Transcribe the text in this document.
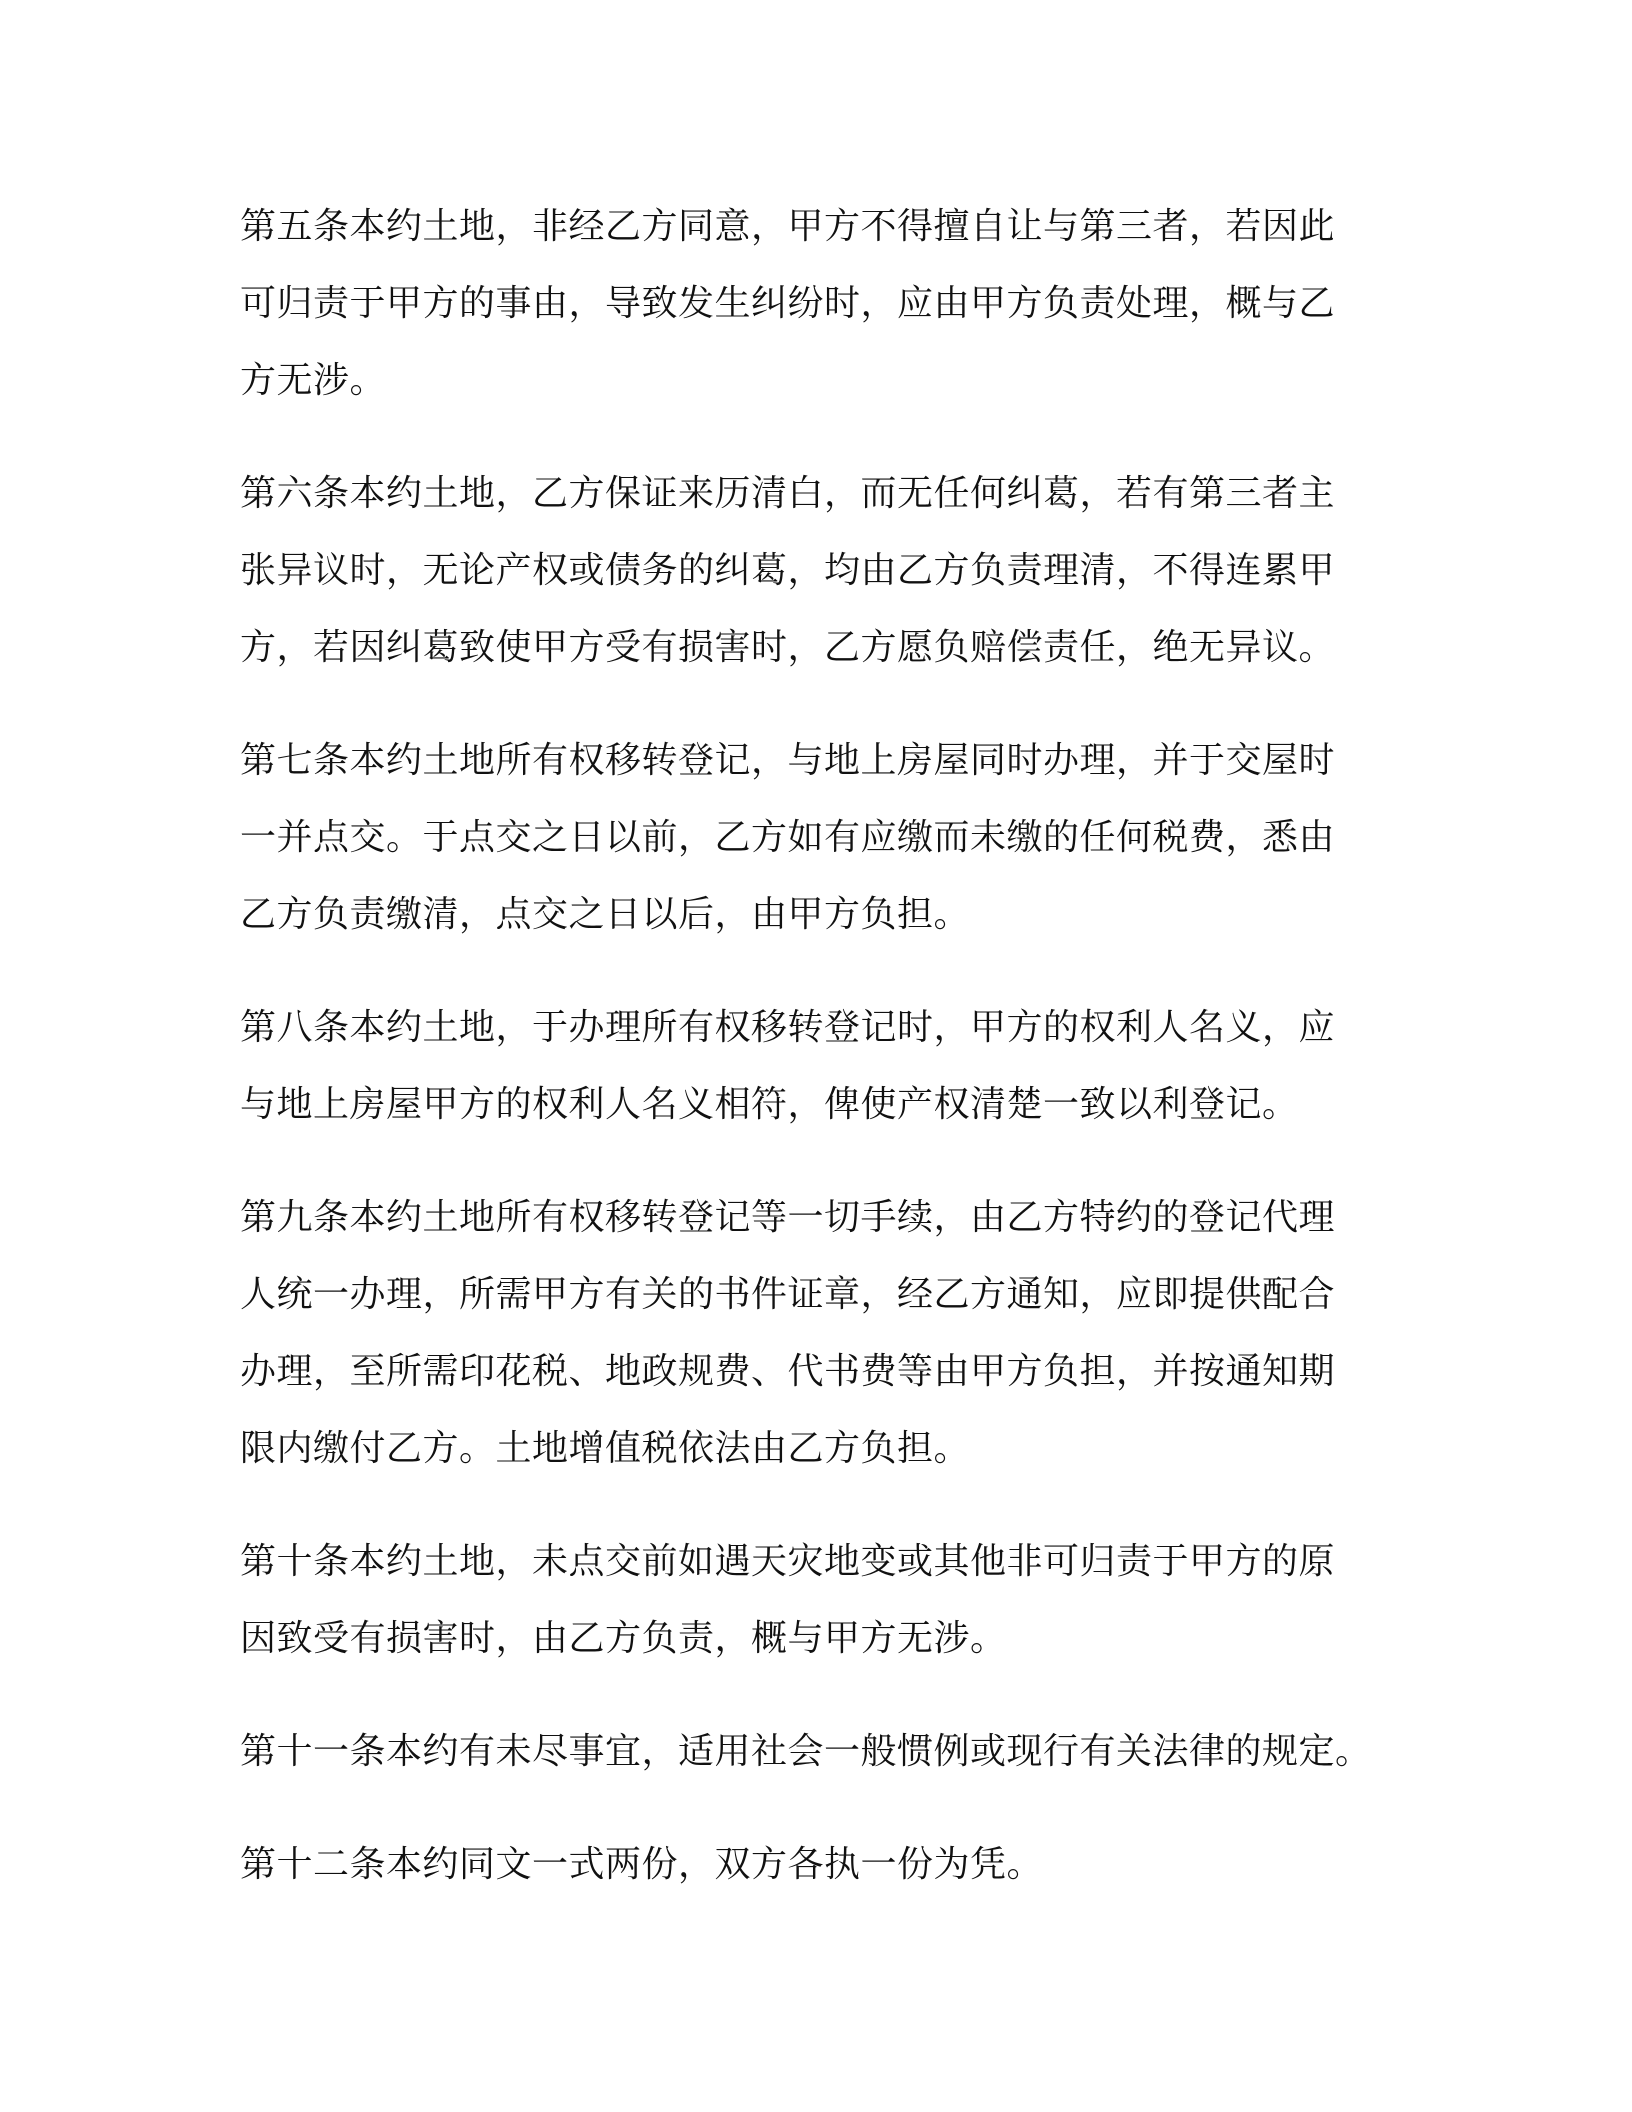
第五条本约土地，非经乙方同意，甲方不得擅自让与第三者，若因此
可归责于甲方的事由，导致发生纠纷时，应由甲方负责处理，概与乙
方无涉。

第六条本约土地，乙方保证来历清白，而无任何纠葛，若有第三者主
张异议时，无论产权或债务的纠葛，均由乙方负责理清，不得连累甲
方，若因纠葛致使甲方受有损害时，乙方愿负赔偿责任，绝无异议。

第七条本约土地所有权移转登记，与地上房屋同时办理，并于交屋时
一并点交。于点交之日以前，乙方如有应缴而未缴的任何税费，悉由
乙方负责缴清，点交之日以后，由甲方负担。

第八条本约土地，于办理所有权移转登记时，甲方的权利人名义，应
与地上房屋甲方的权利人名义相符，俾使产权清楚一致以利登记。

第九条本约土地所有权移转登记等一切手续，由乙方特约的登记代理
人统一办理，所需甲方有关的书件证章，经乙方通知，应即提供配合
办理，至所需印花税、地政规费、代书费等由甲方负担，并按通知期
限内缴付乙方。土地增值税依法由乙方负担。

第十条本约土地，未点交前如遇天灾地变或其他非可归责于甲方的原
因致受有损害时，由乙方负责，概与甲方无涉。

第十一条本约有未尽事宜，适用社会一般惯例或现行有关法律的规定。

第十二条本约同文一式两份，双方各执一份为凭。
